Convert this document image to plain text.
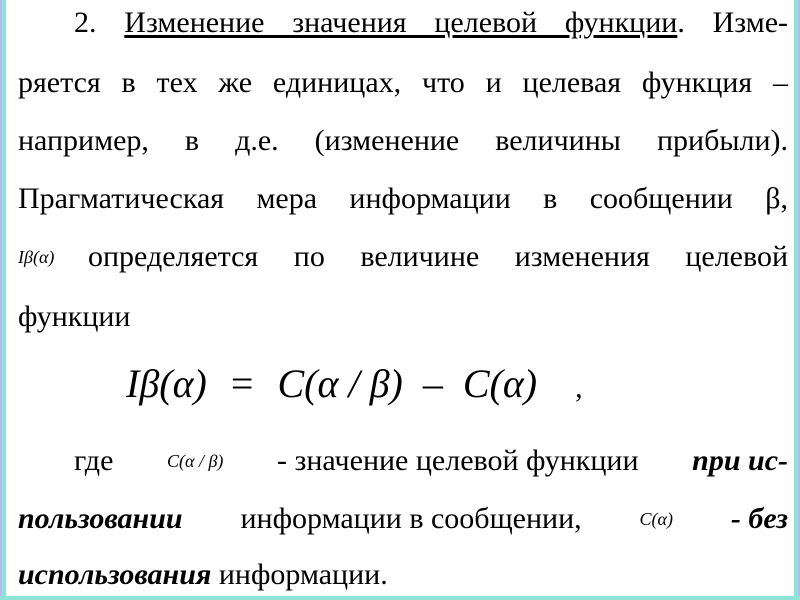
2. Изменение значения целевой функции. Изме-
ряется в тех же единицах, что и целевая функция –
например, в д.е. (изменение величины прибыли).
Прагматическая мера информации в сообщении β,
Iβ(α)	определяется по величине изменения целевой
функции
Iβ(α) = C(α / β) – C(α) ,
где	C(α / β) - значение целевой функции при ис-
пользовании информации в сообщении,	C(α) - без
использования информации.
